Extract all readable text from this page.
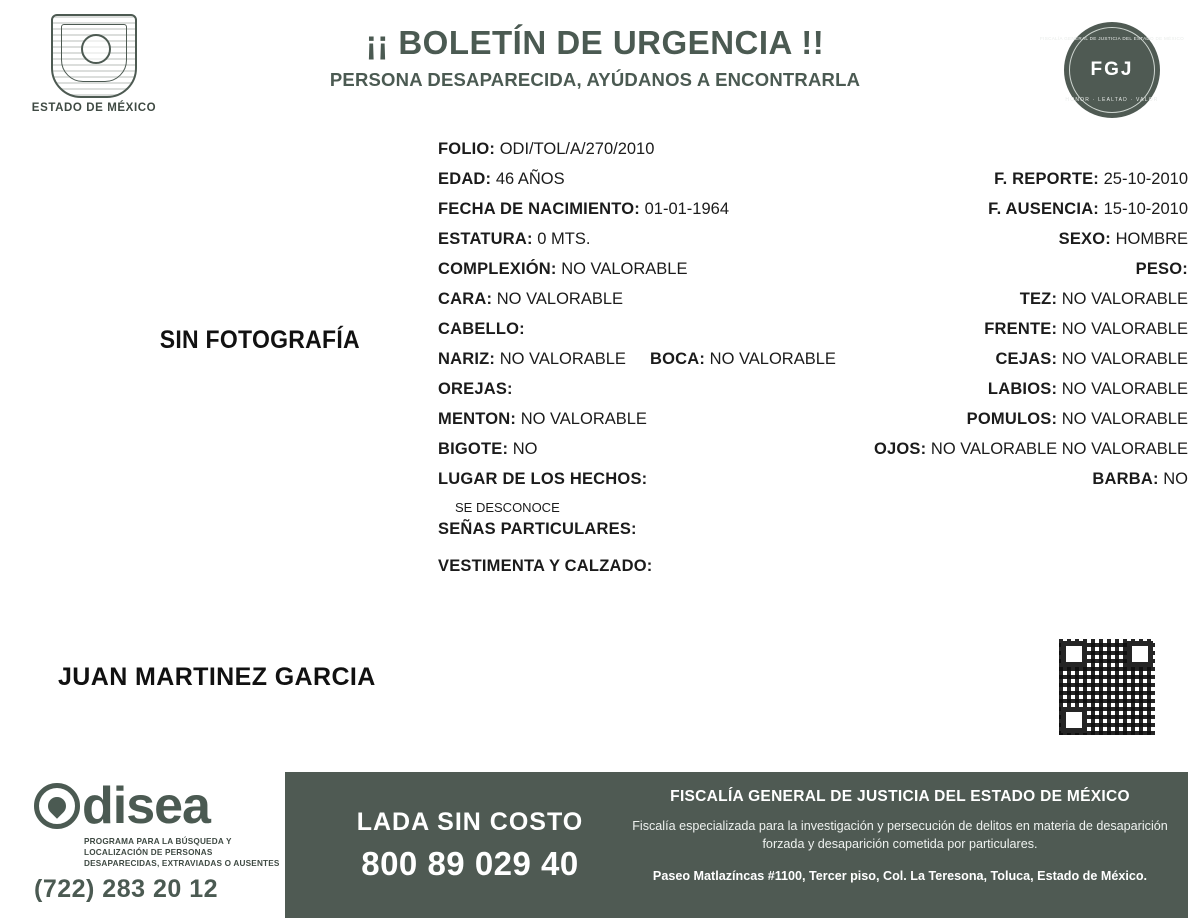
ESTADO DE MÉXICO
¡¡ BOLETÍN DE URGENCIA !!
PERSONA DESAPARECIDA, AYÚDANOS A ENCONTRARLA
FISCALÍA GENERAL DE JUSTICIA DEL ESTADO DE MÉXICO
FGJ
HONOR · LEALTAD · VALOR
SIN FOTOGRAFÍA
FOLIO: ODI/TOL/A/270/2010
EDAD: 46 AÑOS
FECHA DE NACIMIENTO: 01-01-1964
ESTATURA: 0 MTS.
COMPLEXIÓN: NO VALORABLE
CARA: NO VALORABLE
CABELLO:
NARIZ: NO VALORABLE BOCA: NO VALORABLE
OREJAS:
MENTON: NO VALORABLE
BIGOTE: NO
LUGAR DE LOS HECHOS:
SE DESCONOCE
SEÑAS PARTICULARES:
VESTIMENTA Y CALZADO:
F. REPORTE: 25-10-2010
F. AUSENCIA: 15-10-2010
SEXO: HOMBRE
PESO:
TEZ: NO VALORABLE
FRENTE: NO VALORABLE
CEJAS: NO VALORABLE
LABIOS: NO VALORABLE
POMULOS: NO VALORABLE
OJOS: NO VALORABLE NO VALORABLE
BARBA: NO
JUAN MARTINEZ GARCIA
disea
PROGRAMA PARA LA BÚSQUEDA Y LOCALIZACIÓN DE PERSONAS DESAPARECIDAS, EXTRAVIADAS O AUSENTES
(722) 283 20 12
LADA SIN COSTO
800 89 029 40
FISCALÍA GENERAL DE JUSTICIA DEL ESTADO DE MÉXICO
Fiscalía especializada para la investigación y persecución de delitos en materia de desaparición forzada y desaparición cometida por particulares.
Paseo Matlazíncas #1100, Tercer piso, Col. La Teresona, Toluca, Estado de México.
